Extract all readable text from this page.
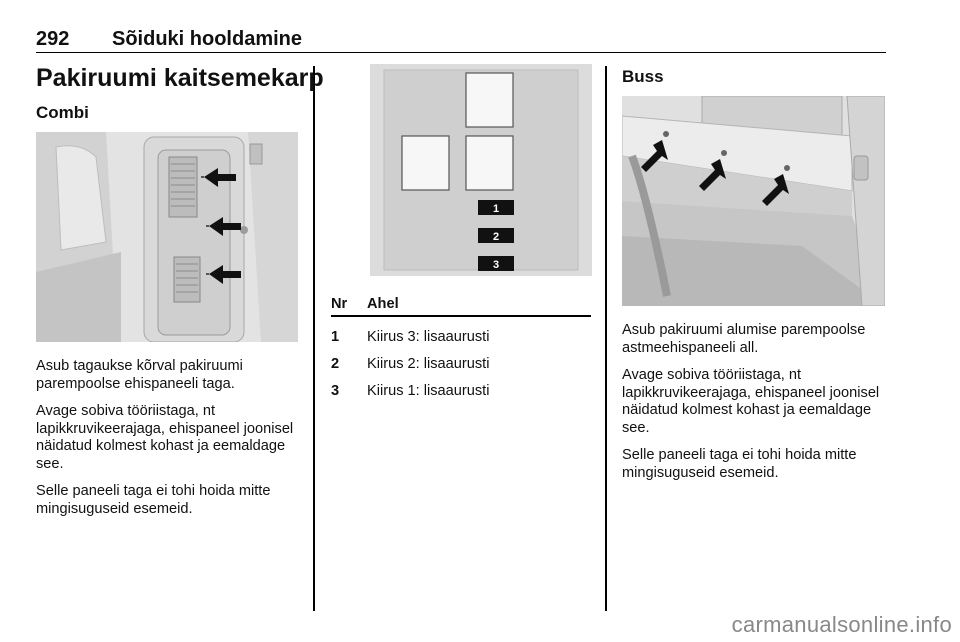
292 Sõiduki hooldamine
Pakiruumi kaitsemekarp
Combi

Asub tagaukse kõrval pakiruumi parempoolse ehispaneeli taga.

Avage sobiva tööriistaga, nt lapikkruvikeerajaga, ehispaneel joonisel näidatud kolmest kohast ja eemaldage see.

Selle paneeli taga ei tohi hoida mitte mingisuguseid esemeid.

1
2
3
Nr	Ahel
1	Kiirus 3: lisaaurusti
2	Kiirus 2: lisaaurusti
3	Kiirus 1: lisaaurusti
Buss

Asub pakiruumi alumise parempoolse astmeehispaneeli all.

Avage sobiva tööriistaga, nt lapikkruvikeerajaga, ehispaneel joonisel näidatud kolmest kohast ja eemaldage see.

Selle paneeli taga ei tohi hoida mitte mingisuguseid esemeid.

carmanualsonline.info
